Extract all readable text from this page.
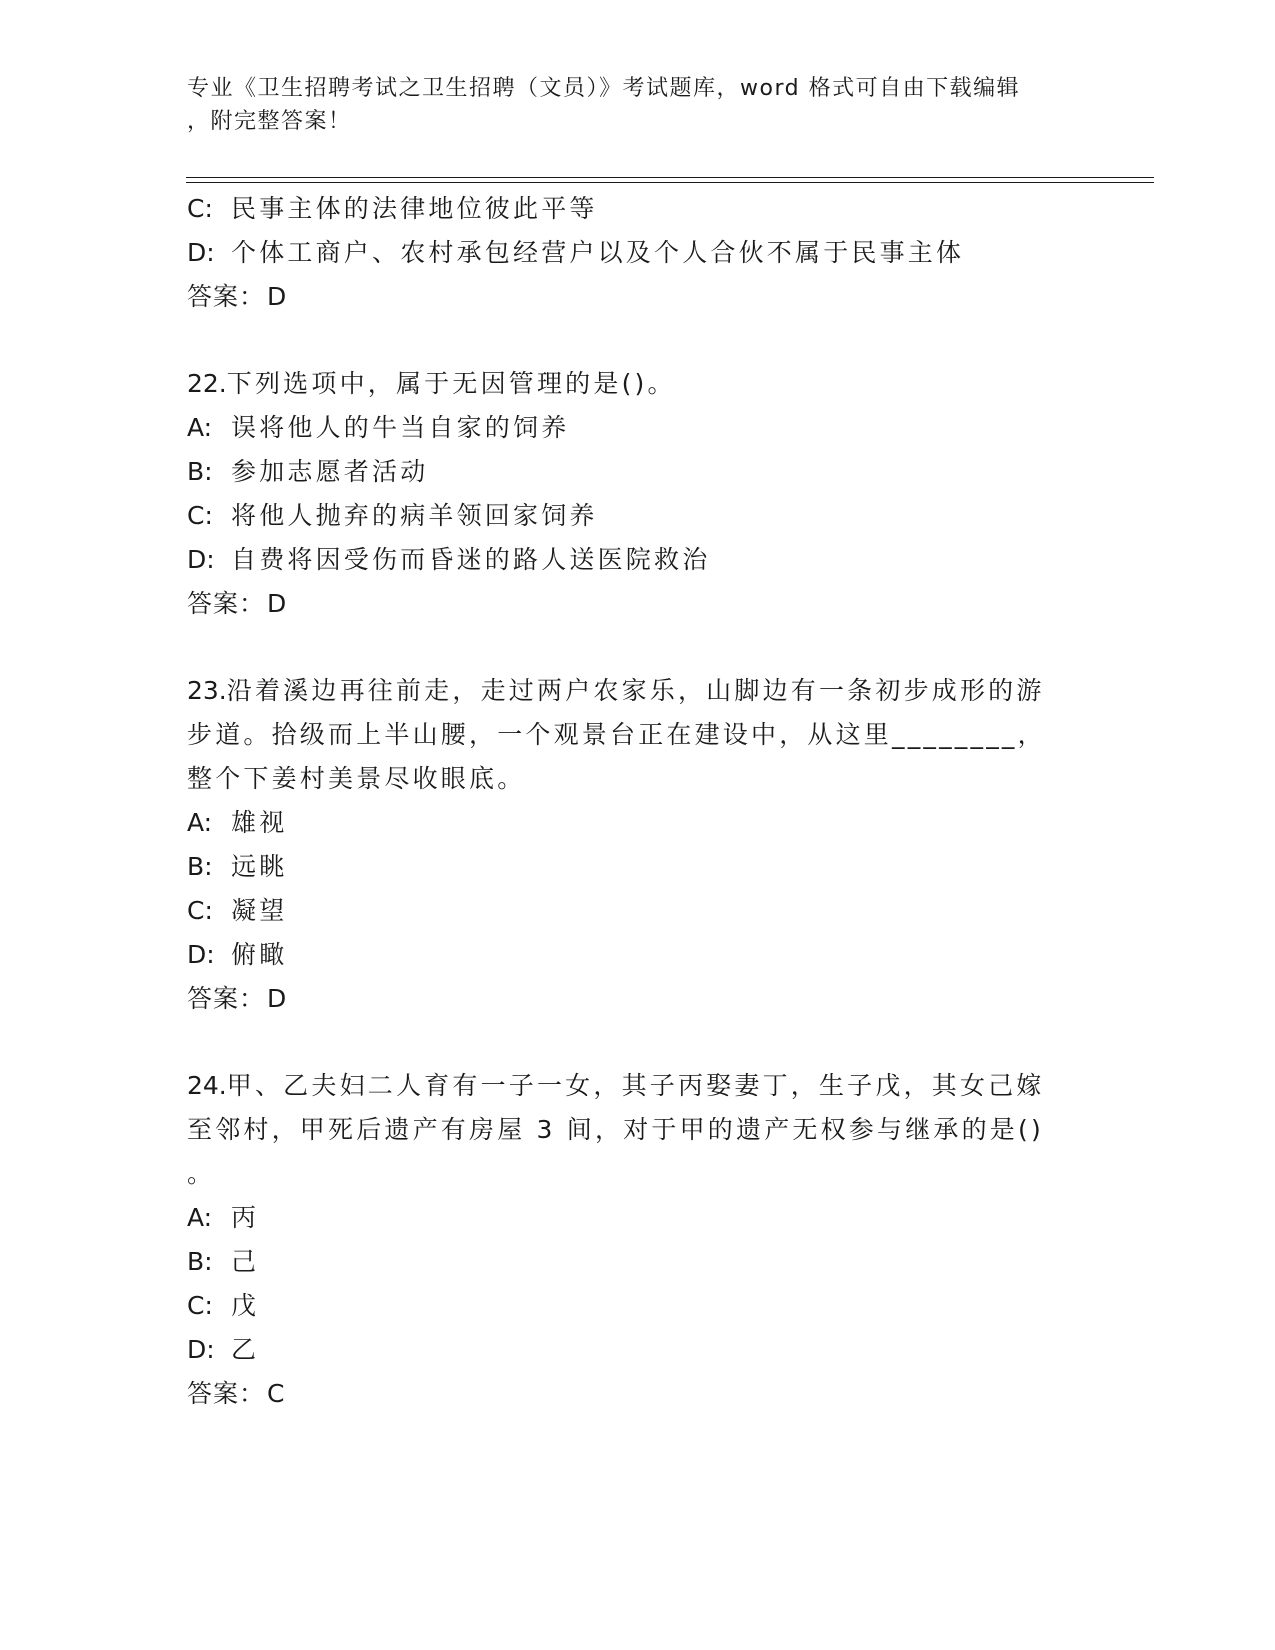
专业《卫生招聘考试之卫生招聘（文员）》考试题库，word 格式可自由下载编辑
，附完整答案！
C: 民事主体的法律地位彼此平等
D: 个体工商户、农村承包经营户以及个人合伙不属于民事主体
答案：D
22.下列选项中，属于无因管理的是()。
A: 误将他人的牛当自家的饲养
B: 参加志愿者活动
C: 将他人抛弃的病羊领回家饲养
D: 自费将因受伤而昏迷的路人送医院救治
答案：D
23.沿着溪边再往前走，走过两户农家乐，山脚边有一条初步成形的游
步道。拾级而上半山腰，一个观景台正在建设中，从这里________，
整个下姜村美景尽收眼底。
A: 雄视
B: 远眺
C: 凝望
D: 俯瞰
答案：D
24.甲、乙夫妇二人育有一子一女，其子丙娶妻丁，生子戊，其女己嫁
至邻村，甲死后遗产有房屋 3 间，对于甲的遗产无权参与继承的是()
。
A: 丙
B: 己
C: 戊
D: 乙
答案：C
